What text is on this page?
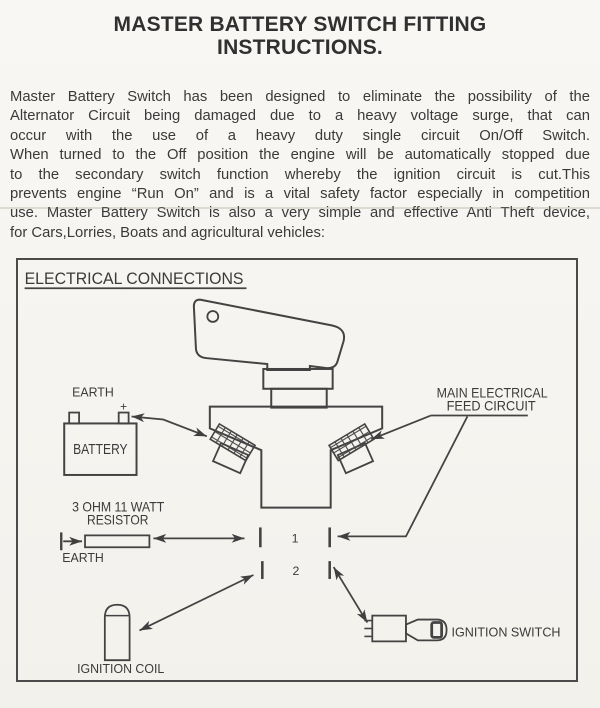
MASTER BATTERY SWITCH FITTING
INSTRUCTIONS.
Master Battery Switch has been designed to eliminate the possibility of the
Alternator Circuit being damaged due to a heavy voltage surge, that can
occur with the use of a heavy duty single circuit On/Off Switch.
When turned to the Off position the engine will be automatically stopped due
to the secondary switch function whereby the ignition circuit is cut.This
prevents engine “Run On” and is a vital safety factor especially in competition
use. Master Battery Switch is also a very simple and effective Anti Theft device,
for Cars,Lorries, Boats and agricultural vehicles:
ELECTRICAL CONNECTIONS
EARTH
+
BATTERY
MAIN ELECTRICAL
FEED CIRCUIT
1
2
3 OHM 11 WATT
RESISTOR
EARTH
IGNITION COIL
IGNITION SWITCH
